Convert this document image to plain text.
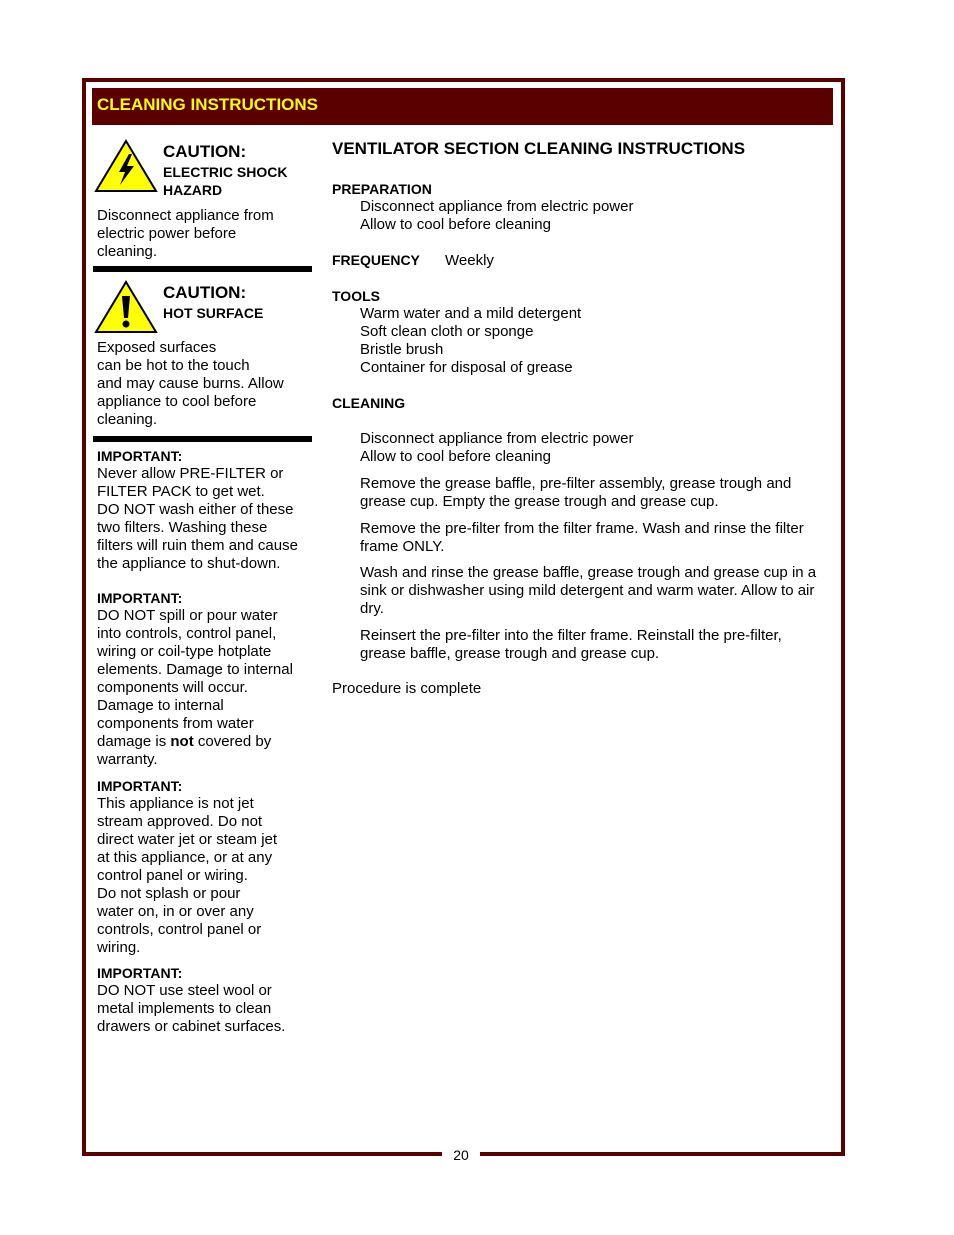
20
CLEANING INSTRUCTIONS
CAUTION:
ELECTRIC SHOCK
HAZARD
Disconnect appliance from
electric power before
cleaning.
CAUTION:
HOT SURFACE
Exposed surfaces
can be hot to the touch
and may cause burns. Allow
appliance to cool before
cleaning.
IMPORTANT:
Never allow PRE-FILTER or
FILTER PACK to get wet.
DO NOT wash either of these
two filters. Washing these
filters will ruin them and cause
the appliance to shut-down.
IMPORTANT:
DO NOT spill or pour water
into controls, control panel,
wiring or coil-type hotplate
elements. Damage to internal
components will occur.
Damage to internal
components from water
damage is not covered by
warranty.
IMPORTANT:
This appliance is not jet
stream approved. Do not
direct water jet or steam jet
at this appliance, or at any
control panel or wiring.
Do not splash or pour
water on, in or over any
controls, control panel or
wiring.
IMPORTANT:
DO NOT use steel wool or
metal implements to clean
drawers or cabinet surfaces.
VENTILATOR SECTION CLEANING INSTRUCTIONS
PREPARATION
Disconnect appliance from electric power
Allow to cool before cleaning
FREQUENCY Weekly
TOOLS
Warm water and a mild detergent
Soft clean cloth or sponge
Bristle brush
Container for disposal of grease
CLEANING
Disconnect appliance from electric power
Allow to cool before cleaning
Remove the grease baffle, pre-filter assembly, grease trough and grease cup. Empty the grease trough and grease cup.
Remove the pre-filter from the filter frame. Wash and rinse the filter frame ONLY.
Wash and rinse the grease baffle, grease trough and grease cup in a sink or dishwasher using mild detergent and warm water. Allow to air dry.
Reinsert the pre-filter into the filter frame. Reinstall the pre-filter, grease baffle, grease trough and grease cup.
Procedure is complete
